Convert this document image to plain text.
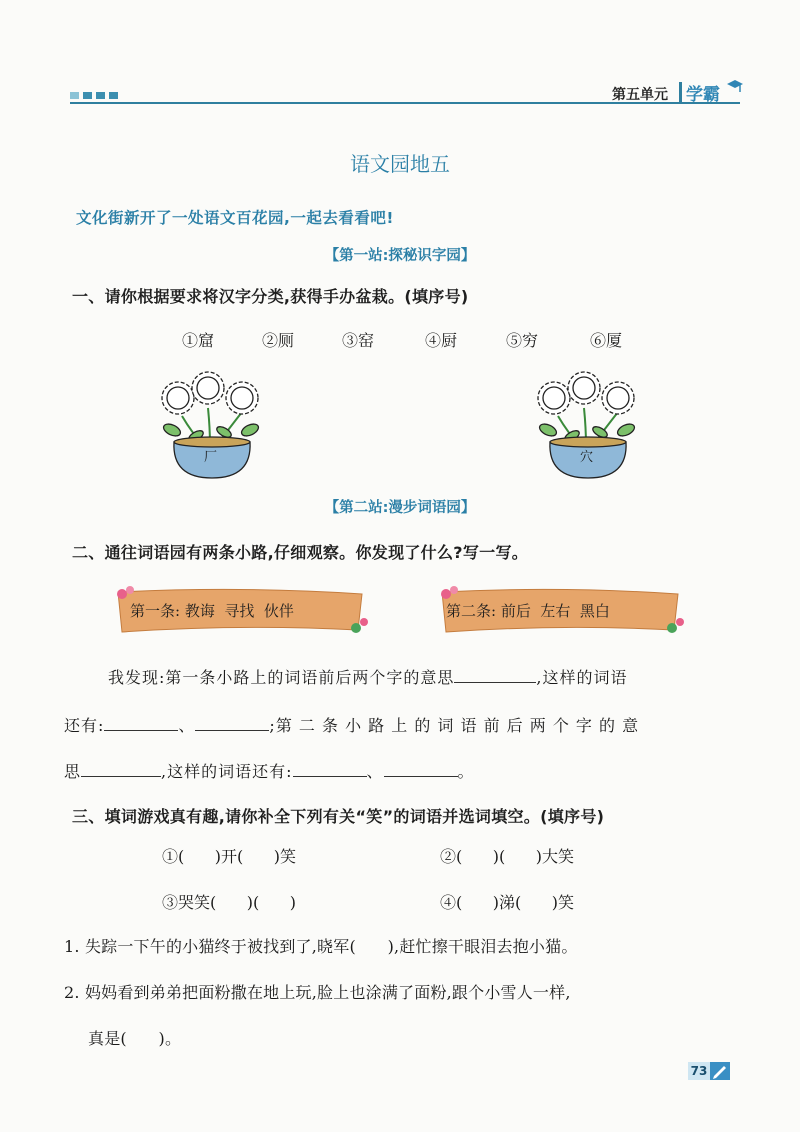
第五单元 学霸
语文园地五
文化街新开了一处语文百花园,一起去看看吧!
【第一站:探秘识字园】
一、请你根据要求将汉字分类,获得手办盆栽。(填序号)
①窟	②厕	③窑	④厨	⑤穷	⑥厦
厂	穴
【第二站:漫步词语园】
二、通往词语园有两条小路,仔细观察。你发现了什么?写一写。
第一条: 教诲  寻找  伙伴	第二条: 前后  左右  黑白
我发现:第一条小路上的词语前后两个字的意思	,这样的词语
还有:	、	;第 二 条 小 路 上 的 词 语 前 后 两 个 字 的 意
思	,这样的词语还有:	、	。
三、填词游戏真有趣,请你补全下列有关“笑”的词语并选词填空。(填序号)
①(      )开(      )笑	②(      )(      )大笑
③哭笑(      )(      )	④(      )涕(      )笑
1. 失踪一下午的小猫终于被找到了,晓军(      ),赶忙擦干眼泪去抱小猫。
2. 妈妈看到弟弟把面粉撒在地上玩,脸上也涂满了面粉,跟个小雪人一样,
真是(      )。
73
